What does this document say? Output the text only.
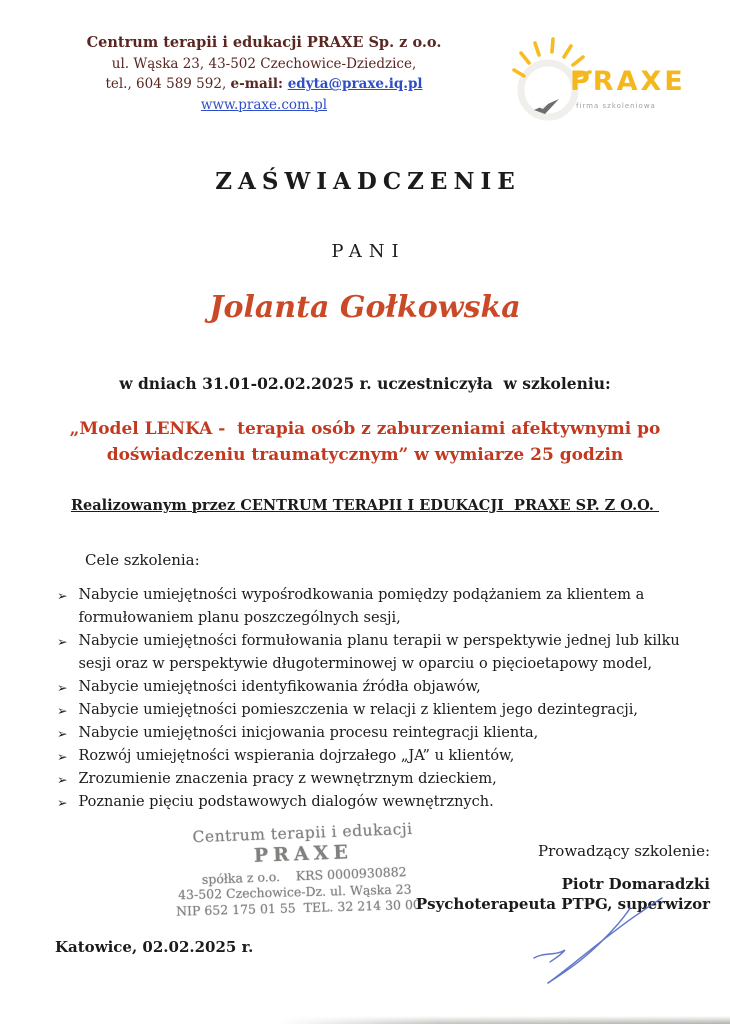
Centrum terapii i edukacji PRAXE Sp. z o.o.
ul. Wąska 23, 43-502 Czechowice-Dziedzice,
tel., 604 589 592, e-mail: edyta@praxe.iq.pl
www.praxe.com.pl
PRAXE
firma szkoleniowa
ZAŚWIADCZENIE
PANI
Jolanta Gołkowska
w dniach 31.01-02.02.2025 r. uczestniczyła  w szkoleniu:
„Model LENKA -  terapia osób z zaburzeniami afektywnymi po
doświadczeniu traumatycznym” w wymiarze 25 godzin
Realizowanym przez CENTRUM TERAPII I EDUKACJI  PRAXE SP. Z O.O.
Cele szkolenia:
➢ Nabycie umiejętności wypośrodkowania pomiędzy podążaniem za klientem a formułowaniem planu poszczególnych sesji,
➢ Nabycie umiejętności formułowania planu terapii w perspektywie jednej lub kilku sesji oraz w perspektywie długoterminowej w oparciu o pięcioetapowy model,
➢ Nabycie umiejętności identyfikowania źródła objawów,
➢ Nabycie umiejętności pomieszczenia w relacji z klientem jego dezintegracji,
➢ Nabycie umiejętności inicjowania procesu reintegracji klienta,
➢ Rozwój umiejętności wspierania dojrzałego „JA” u klientów,
➢ Zrozumienie znaczenia pracy z wewnętrznym dzieckiem,
➢ Poznanie pięciu podstawowych dialogów wewnętrznych.
Centrum terapii i edukacji
PRAXE
spółka z o.o.    KRS 0000930882
43-502 Czechowice-Dz. ul. Wąska 23
NIP 652 175 01 55  TEL. 32 214 30 00
Prowadzący szkolenie:
Piotr Domaradzki
Psychoterapeuta PTPG, superwizor
Katowice, 02.02.2025 r.
